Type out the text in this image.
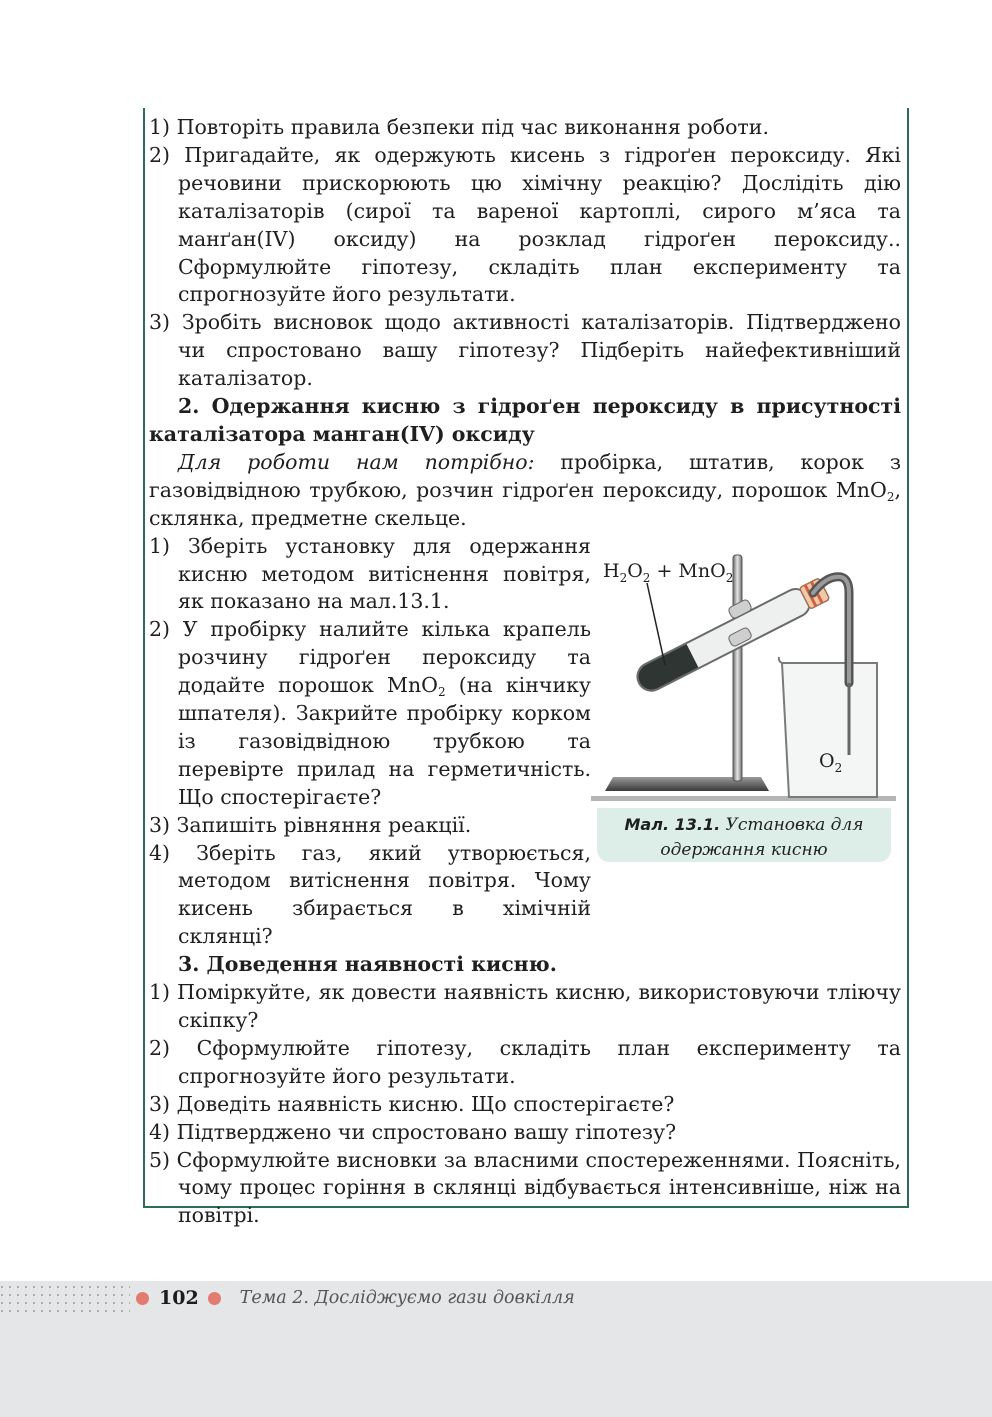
1) Повторіть правила безпеки під час виконання роботи.

2) Пригадайте, як одержують кисень з гідроґен пероксиду. Які речовини прискорюють цю хімічну реакцію? Дослідіть дію каталізаторів (сирої та вареної картоплі, сирого м’яса та манґан(IV) оксиду) на розклад гідроґен пероксиду.. Сформулюйте гіпотезу, складіть план експерименту та спрогнозуйте його результати.

3) Зробіть висновок щодо активності каталізаторів. Підтверджено чи спростовано вашу гіпотезу? Підберіть найефективніший каталізатор.

2. Одержання кисню з гідроґен пероксиду в присутності каталізатора манган(IV) оксиду

Для роботи нам потрібно: пробірка, штатив, корок з газовідвідною трубкою, розчин гідроґен пероксиду, порошок MnO$_2$, склянка, предметне скельце.

1) Зберіть установку для одержання кисню методом витіснення повітря, як показано на мал.13.1.

2) У пробірку налийте кілька крапель розчину гідроґен пероксиду та додайте порошок MnO$_2$ (на кінчику шпателя). Закрийте пробірку корком із газовідвідною трубкою та перевірте прилад на герметичність. Що спостерігаєте?

3) Запишіть рівняння реакції.

4) Зберіть газ, який утворюється, методом витіснення повітря. Чому кисень збирається в хімічній склянці?

$H_2O_2 + MnO_2$
$O_2$
Мал. 13.1. Установка для одержання кисню

3. Доведення наявності кисню.

1) Поміркуйте, як довести наявність кисню, використовуючи тліючу скіпку?

2) Сформулюйте гіпотезу, складіть план експерименту та спрогнозуйте його результати.

3) Доведіть наявність кисню. Що спостерігаєте?

4) Підтверджено чи спростовано вашу гіпотезу?

5) Сформулюйте висновки за власними спостереженнями. Поясніть, чому процес горіння в склянці відбувається інтенсивніше, ніж на повітрі.

102 Тема 2. Досліджуємо гази довкілля
